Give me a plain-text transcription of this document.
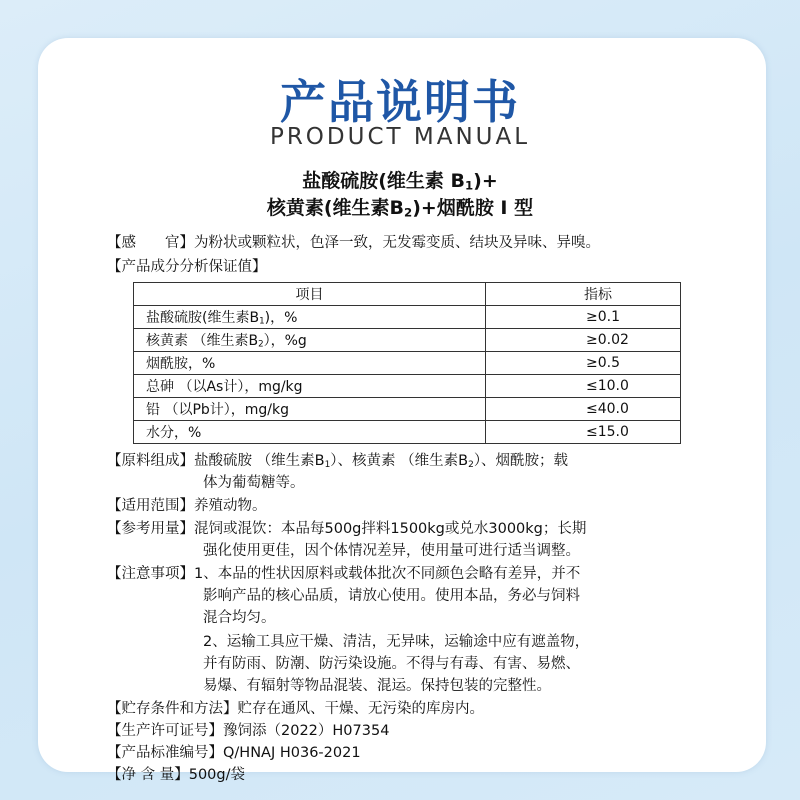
产品说明书
PRODUCT MANUAL
盐酸硫胺(维生素 $B_1)+$
核黄素(维生素$B_2)+$烟酰胺 I 型
【感　　官】为粉状或颗粒状，色泽一致，无发霉变质、结块及异味、异嗅。
【产品成分分析保证值】
项目	指标
盐酸硫胺(维生素$B_1$)，%	≥0.1
核黄素 （维生素$B_2$），%g	≥0.02
烟酰胺，%	≥0.5
总砷 （以As计），mg/kg	≤10.0
铅 （以Pb计），mg/kg	≤40.0
水分，%	≤15.0
【原料组成】盐酸硫胺 （维生素$B_1$）、核黄素 （维生素$B_2$）、烟酰胺；载
体为葡萄糖等。
【适用范围】养殖动物。
【参考用量】混饲或混饮：本品每500g拌料1500kg或兑水3000kg；长期
强化使用更佳，因个体情况差异，使用量可进行适当调整。
【注意事项】1、本品的性状因原料或载体批次不同颜色会略有差异，并不
影响产品的核心品质，请放心使用。使用本品，务必与饲料
混合均匀。
2、运输工具应干燥、清洁，无异味，运输途中应有遮盖物，
并有防雨、防潮、防污染设施。不得与有毒、有害、易燃、
易爆、有辐射等物品混装、混运。保持包装的完整性。
【贮存条件和方法】贮存在通风、干燥、无污染的库房内。
【生产许可证号】豫饲添（2022）H07354
【产品标准编号】Q/HNAJ H036-2021
【净 含 量】500g/袋
